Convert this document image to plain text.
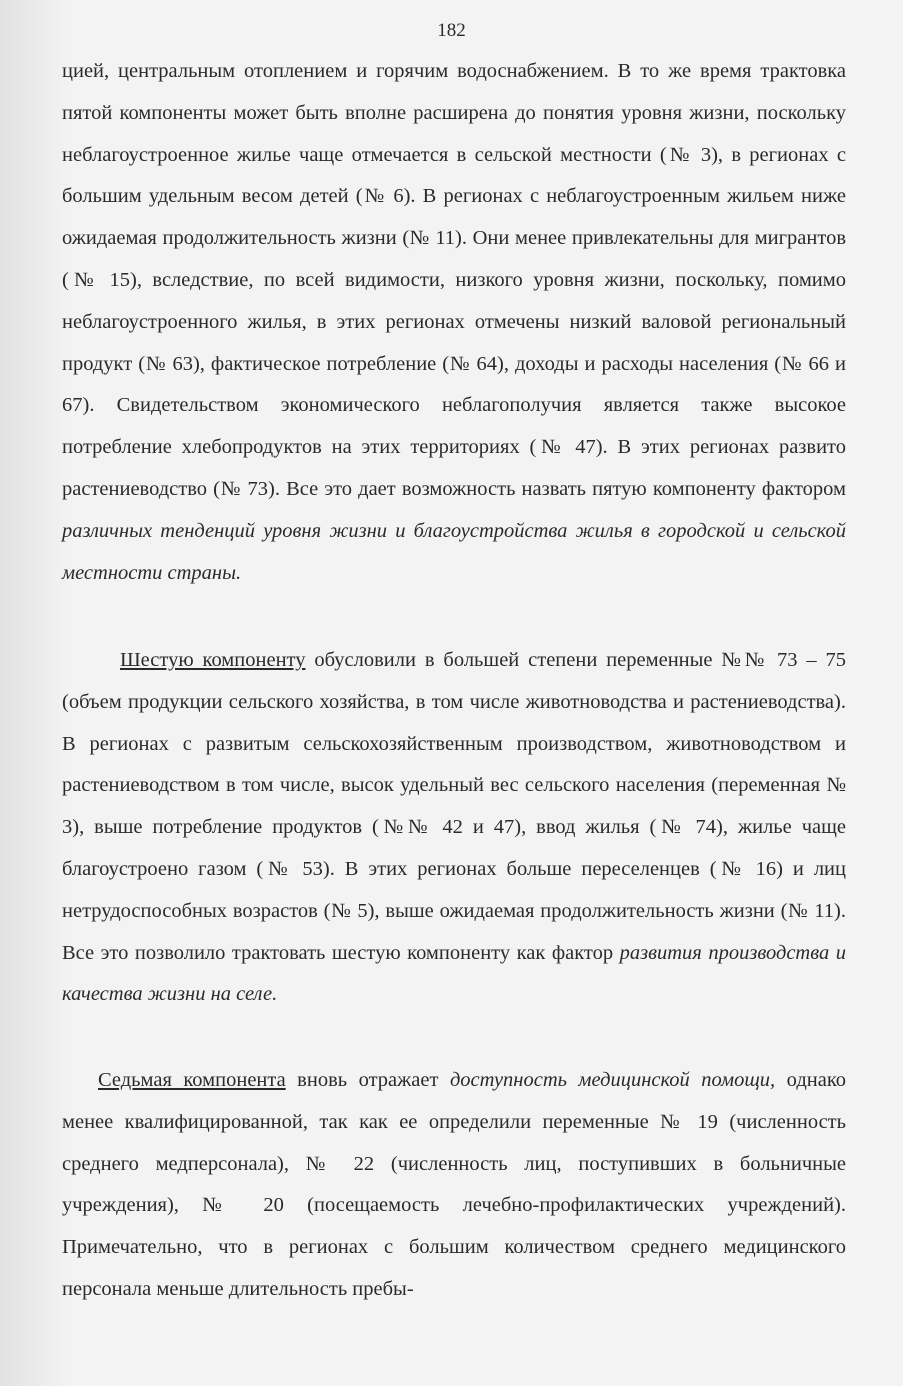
182
цией, центральным отоплением и горячим водоснабжением. В то же время трактовка пятой компоненты может быть вполне расширена до понятия уровня жизни, поскольку неблагоустроенное жилье чаще отмечается в сельской местности (№ 3), в регионах с большим удельным весом детей (№ 6). В регионах с неблагоустроенным жильем ниже ожидаемая продолжительность жизни (№ 11). Они менее привлекательны для мигрантов (№ 15), вследствие, по всей видимости, низкого уровня жизни, поскольку, помимо неблагоустроенного жилья, в этих регионах отмечены низкий валовой региональный продукт (№ 63), фактическое потребление (№ 64), доходы и расходы населения (№ 66 и 67). Свидетельством экономического неблагополучия является также высокое потребление хлебопродуктов на этих территориях (№ 47). В этих регионах развито растениеводство (№ 73). Все это дает возможность назвать пятую компоненту фактором различных тенденций уровня жизни и благоустройства жилья в городской и сельской местности страны.
Шестую компоненту обусловили в большей степени переменные №№ 73 – 75 (объем продукции сельского хозяйства, в том числе животноводства и растениеводства). В регионах с развитым сельскохозяйственным производством, животноводством и растениеводством в том числе, высок удельный вес сельского населения (переменная № 3), выше потребление продуктов (№№ 42 и 47), ввод жилья (№ 74), жилье чаще благоустроено газом (№ 53). В этих регионах больше переселенцев (№ 16) и лиц нетрудоспособных возрастов (№ 5), выше ожидаемая продолжительность жизни (№ 11). Все это позволило трактовать шестую компоненту как фактор развития производства и качества жизни на селе.
Седьмая компонента вновь отражает доступность медицинской помощи, однако менее квалифицированной, так как ее определили переменные № 19 (численность среднего медперсонала), № 22 (численность лиц, поступивших в больничные учреждения), № 20 (посещаемость лечебно-профилактических учреждений). Примечательно, что в регионах с большим количеством среднего медицинского персонала меньше длительность пребы-
